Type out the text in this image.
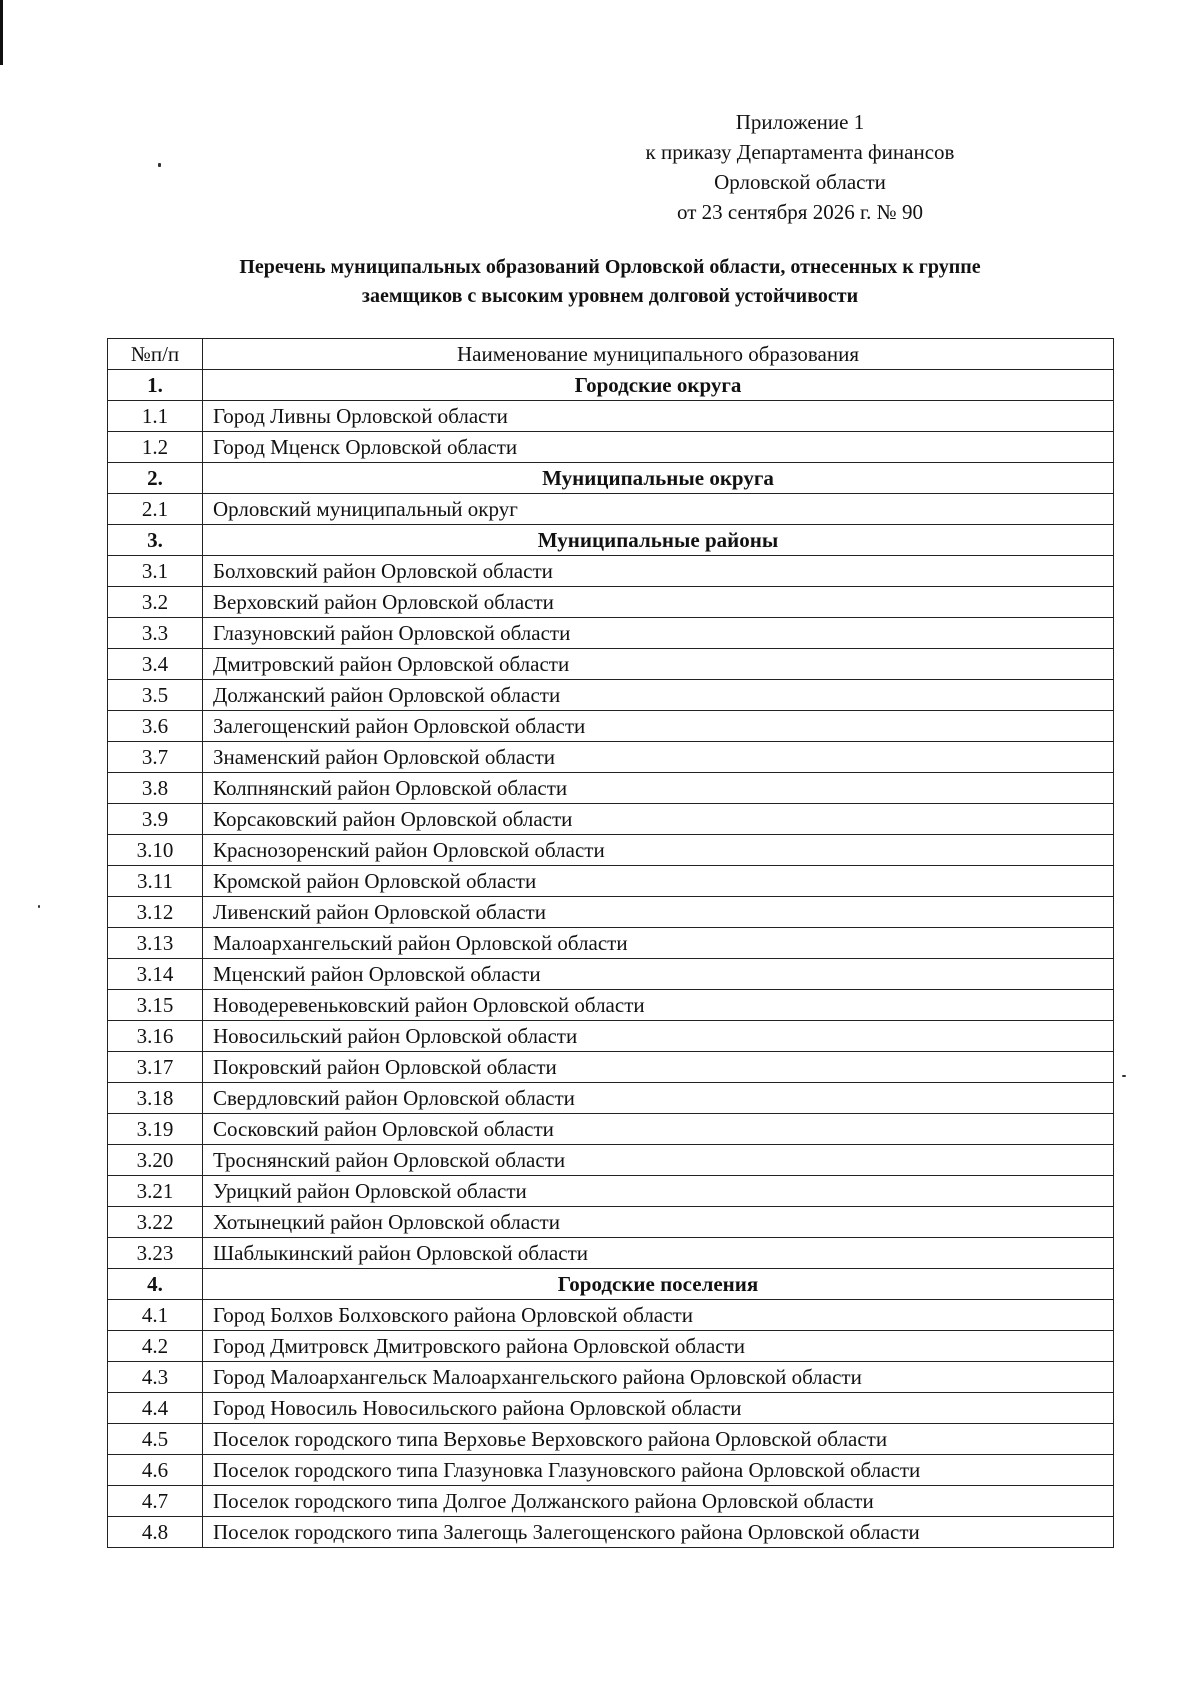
Приложение 1
к приказу Департамента финансов
Орловской области
от 23 сентября 2026 г. № 90
Перечень муниципальных образований Орловской области, отнесенных к группе
заемщиков с высоким уровнем долговой устойчивости
№п/п	Наименование муниципального образования
1.	Городские округа
1.1	Город Ливны Орловской области
1.2	Город Мценск Орловской области
2.	Муниципальные округа
2.1	Орловский муниципальный округ
3.	Муниципальные районы
3.1	Болховский район Орловской области
3.2	Верховский район Орловской области
3.3	Глазуновский район Орловской области
3.4	Дмитровский район Орловской области
3.5	Должанский район Орловской области
3.6	Залегощенский район Орловской области
3.7	Знаменский район Орловской области
3.8	Колпнянский район Орловской области
3.9	Корсаковский район Орловской области
3.10	Краснозоренский район Орловской области
3.11	Кромской район Орловской области
3.12	Ливенский район Орловской области
3.13	Малоархангельский район Орловской области
3.14	Мценский район Орловской области
3.15	Новодеревеньковский район Орловской области
3.16	Новосильский район Орловской области
3.17	Покровский район Орловской области
3.18	Свердловский район Орловской области
3.19	Сосковский район Орловской области
3.20	Троснянский район Орловской области
3.21	Урицкий район Орловской области
3.22	Хотынецкий район Орловской области
3.23	Шаблыкинский район Орловской области
4.	Городские поселения
4.1	Город Болхов Болховского района Орловской области
4.2	Город Дмитровск Дмитровского района Орловской области
4.3	Город Малоархангельск Малоархангельского района Орловской области
4.4	Город Новосиль Новосильского района Орловской области
4.5	Поселок городского типа Верховье Верховского района Орловской области
4.6	Поселок городского типа Глазуновка Глазуновского района Орловской области
4.7	Поселок городского типа Долгое Должанского района Орловской области
4.8	Поселок городского типа Залегощь Залегощенского района Орловской области
